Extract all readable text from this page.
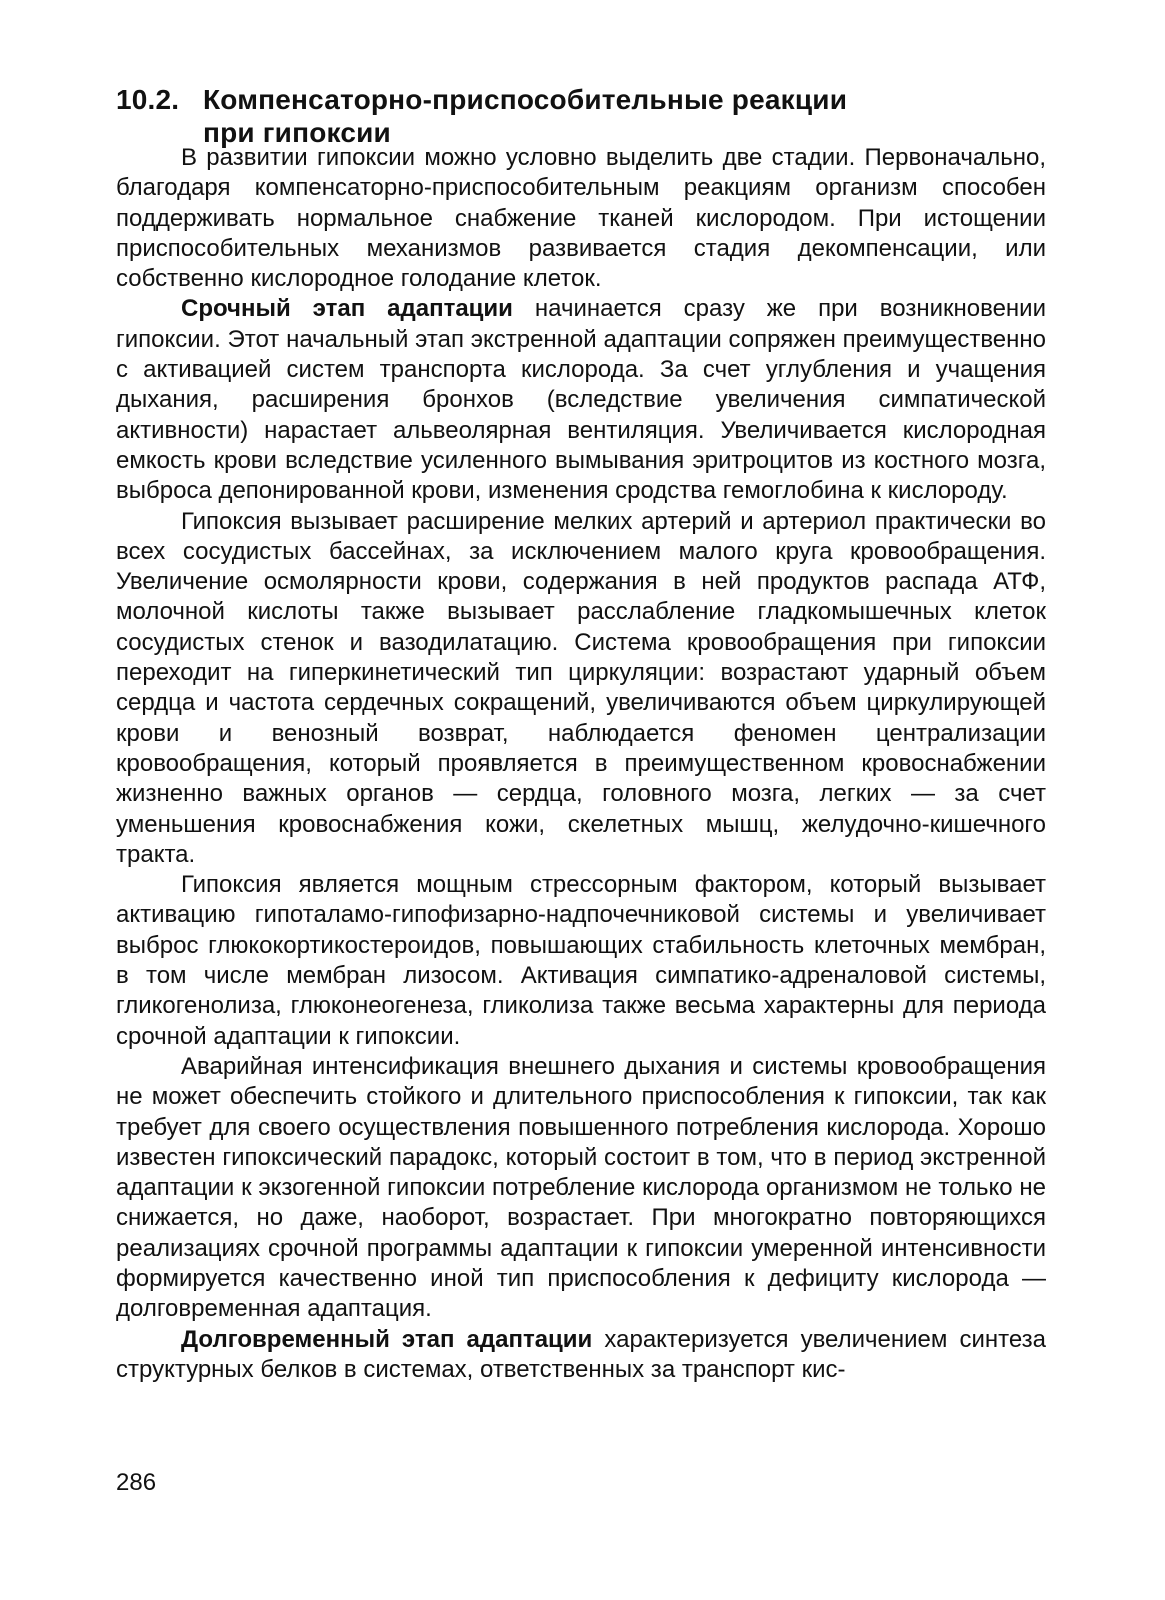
10.2. Компенсаторно-приспособительные реакции
при гипоксии

В развитии гипоксии можно условно выделить две стадии. Первоначально, благодаря компенсаторно-приспособительным реакциям организм способен поддерживать нормальное снабжение тканей кислородом. При истощении приспособительных механизмов развивается стадия декомпенсации, или собственно кислородное голодание клеток.

Срочный этап адаптации начинается сразу же при возникновении гипоксии. Этот начальный этап экстренной адаптации сопряжен преимущественно с активацией систем транспорта кислорода. За счет углубления и учащения дыхания, расширения бронхов (вследствие увеличения симпатической активности) нарастает альвеолярная вентиляция. Увеличивается кислородная емкость крови вследствие усиленного вымывания эритроцитов из костного мозга, выброса депонированной крови, изменения сродства гемоглобина к кислороду.

Гипоксия вызывает расширение мелких артерий и артериол практически во всех сосудистых бассейнах, за исключением малого круга кровообращения. Увеличение осмолярности крови, содержания в ней продуктов распада АТФ, молочной кислоты также вызывает расслабление гладкомышечных клеток сосудистых стенок и вазодилатацию. Система кровообращения при гипоксии переходит на гиперкинетический тип циркуляции: возрастают ударный объем сердца и частота сердечных сокращений, увеличиваются объем циркулирующей крови и венозный возврат, наблюдается феномен централизации кровообращения, который проявляется в преимущественном кровоснабжении жизненно важных органов — сердца, головного мозга, легких — за счет уменьшения кровоснабжения кожи, скелетных мышц, желудочно-кишечного тракта.

Гипоксия является мощным стрессорным фактором, который вызывает активацию гипоталамо-гипофизарно-надпочечниковой системы и увеличивает выброс глюкокортикостероидов, повышающих стабильность клеточных мембран, в том числе мембран лизосом. Активация симпатико-адреналовой системы, гликогенолиза, глюконеогенеза, гликолиза также весьма характерны для периода срочной адаптации к гипоксии.

Аварийная интенсификация внешнего дыхания и системы кровообращения не может обеспечить стойкого и длительного приспособления к гипоксии, так как требует для своего осуществления повышенного потребления кислорода. Хорошо известен гипоксический парадокс, который состоит в том, что в период экстренной адаптации к экзогенной гипоксии потребление кислорода организмом не только не снижается, но даже, наоборот, возрастает. При многократно повторяющихся реализациях срочной программы адаптации к гипоксии умеренной интенсивности формируется качественно иной тип приспособления к дефициту кислорода — долговременная адаптация.

Долговременный этап адаптации характеризуется увеличением синтеза структурных белков в системах, ответственных за транспорт кис-

286
